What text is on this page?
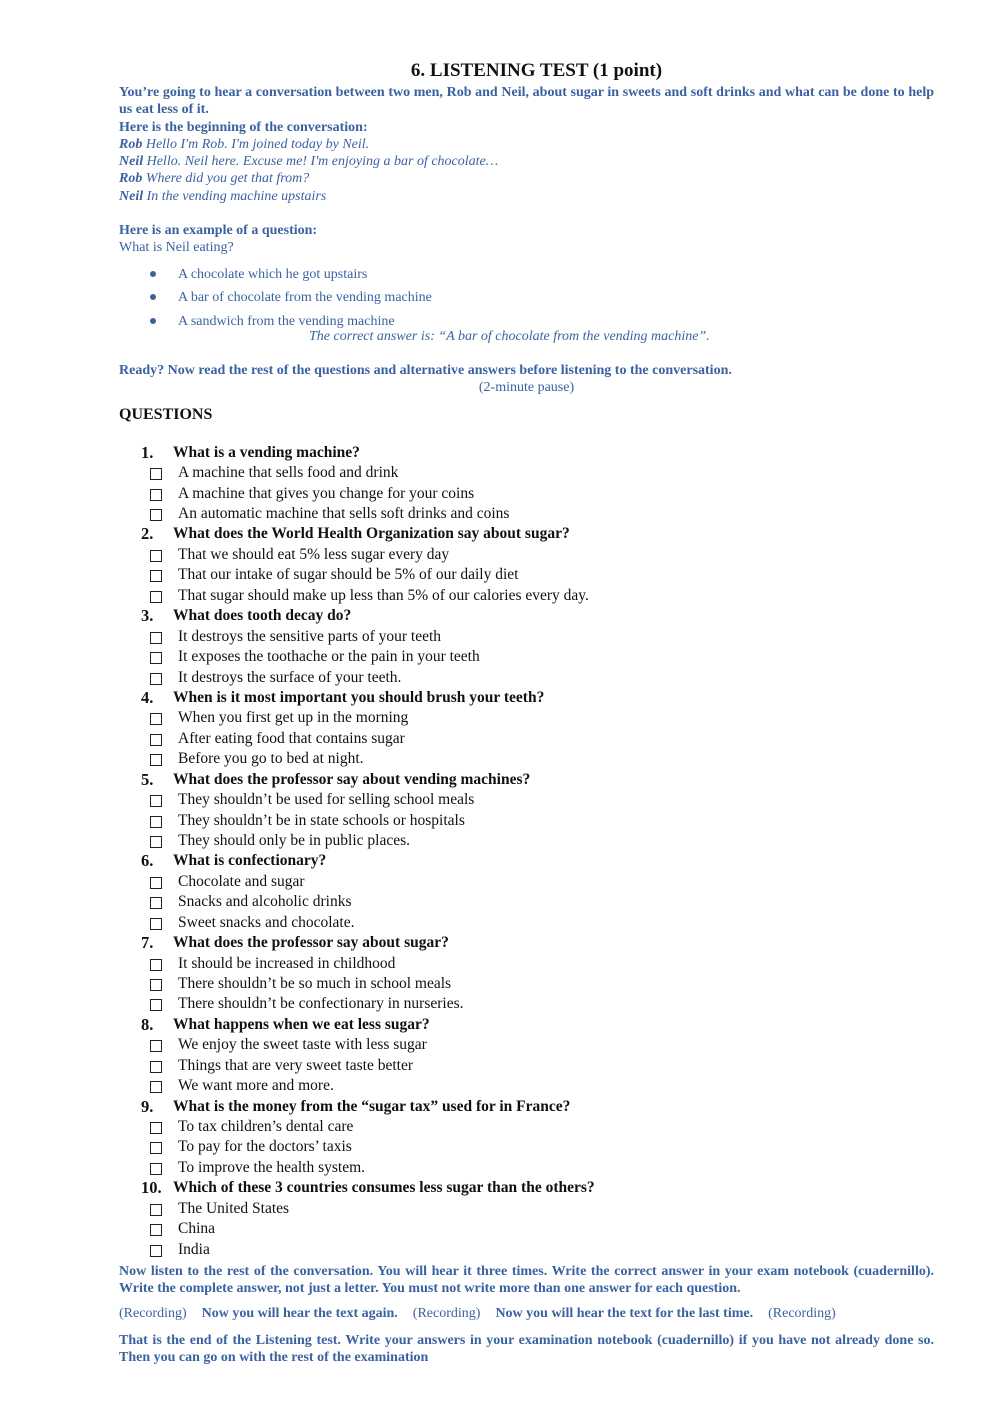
6. LISTENING TEST (1 point)
You’re going to hear a conversation between two men, Rob and Neil, about sugar in sweets and soft drinks and what can be done to help us eat less of it.
Here is the beginning of the conversation:
Rob Hello I'm Rob. I'm joined today by Neil.
Neil Hello. Neil here. Excuse me! I'm enjoying a bar of chocolate…
Rob Where did you get that from?
Neil In the vending machine upstairs
Here is an example of a question:
What is Neil eating?
A chocolate which he got upstairs
A bar of chocolate from the vending machine
A sandwich from the vending machine
The correct answer is: “A bar of chocolate from the vending machine”.
Ready? Now read the rest of the questions and alternative answers before listening to the conversation.
(2-minute pause)
QUESTIONS
1. What is a vending machine?
A machine that sells food and drink
A machine that gives you change for your coins
An automatic machine that sells soft drinks and coins
2. What does the World Health Organization say about sugar?
That we should eat 5% less sugar every day
That our intake of sugar should be 5% of our daily diet
That sugar should make up less than 5% of our calories every day.
3. What does tooth decay do?
It destroys the sensitive parts of your teeth
It exposes the toothache or the pain in your teeth
It destroys the surface of your teeth.
4. When is it most important you should brush your teeth?
When you first get up in the morning
After eating food that contains sugar
Before you go to bed at night.
5. What does the professor say about vending machines?
They shouldn’t be used for selling school meals
They shouldn’t be in state schools or hospitals
They should only be in public places.
6. What is confectionary?
Chocolate and sugar
Snacks and alcoholic drinks
Sweet snacks and chocolate.
7. What does the professor say about sugar?
It should be increased in childhood
There shouldn’t be so much in school meals
There shouldn’t be confectionary in nurseries.
8. What happens when we eat less sugar?
We enjoy the sweet taste with less sugar
Things that are very sweet taste better
We want more and more.
9. What is the money from the “sugar tax” used for in France?
To tax children’s dental care
To pay for the doctors’ taxis
To improve the health system.
10. Which of these 3 countries consumes less sugar than the others?
The United States
China
India
Now listen to the rest of the conversation. You will hear it three times. Write the correct answer in your exam notebook (cuadernillo). Write the complete answer, not just a letter. You must not write more than one answer for each question.
(Recording) Now you will hear the text again. (Recording) Now you will hear the text for the last time. (Recording)
That is the end of the Listening test. Write your answers in your examination notebook (cuadernillo) if you have not already done so. Then you can go on with the rest of the examination
